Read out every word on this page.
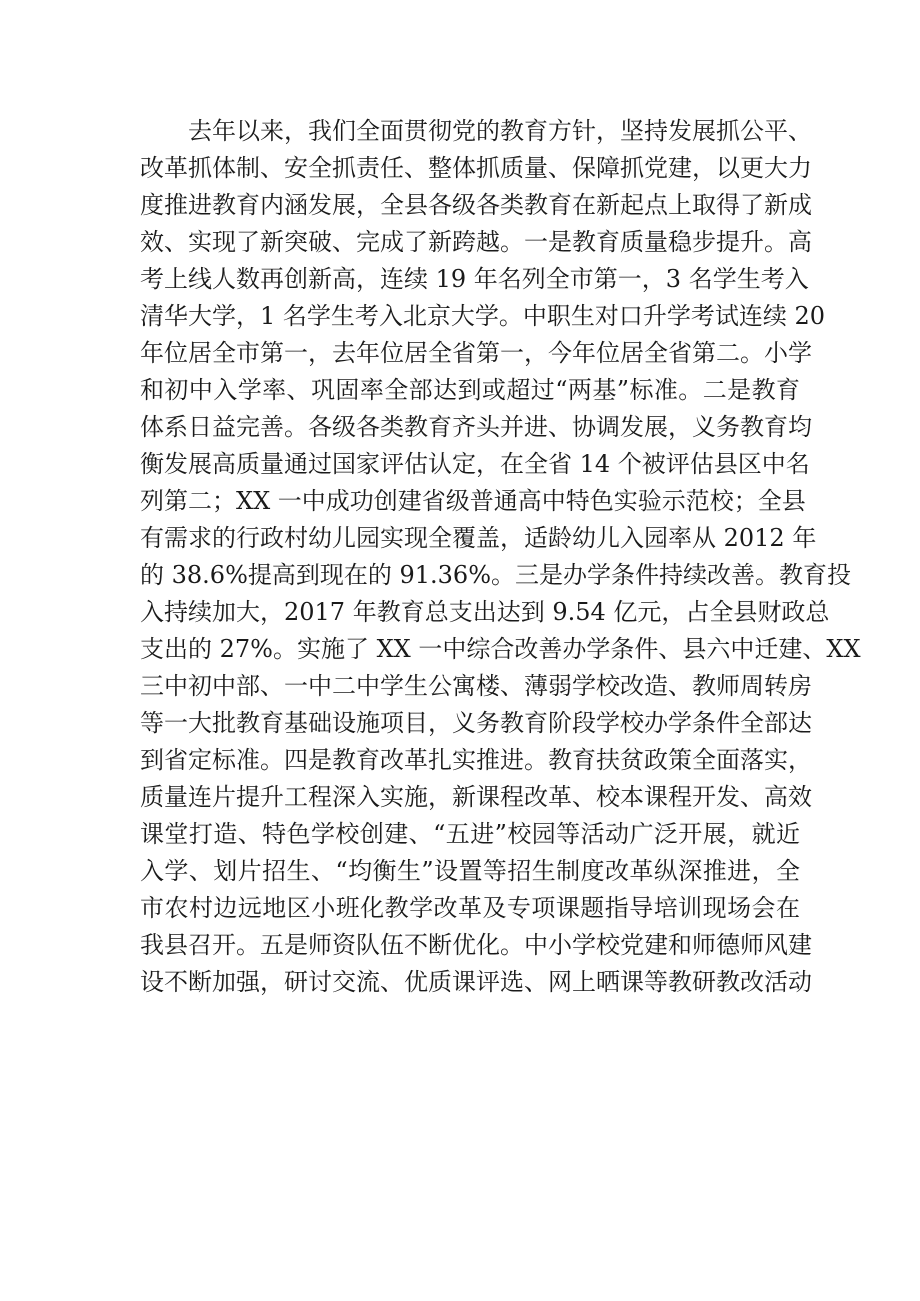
去年以来，我们全面贯彻党的教育方针，坚持发展抓公平、
改革抓体制、安全抓责任、整体抓质量、保障抓党建，以更大力
度推进教育内涵发展，全县各级各类教育在新起点上取得了新成
效、实现了新突破、完成了新跨越。一是教育质量稳步提升。高
考上线人数再创新高，连续 19 年名列全市第一，3 名学生考入
清华大学，1 名学生考入北京大学。中职生对口升学考试连续 20
年位居全市第一，去年位居全省第一，今年位居全省第二。小学
和初中入学率、巩固率全部达到或超过“两基”标准。二是教育
体系日益完善。各级各类教育齐头并进、协调发展，义务教育均
衡发展高质量通过国家评估认定，在全省 14 个被评估县区中名
列第二；XX 一中成功创建省级普通高中特色实验示范校；全县
有需求的行政村幼儿园实现全覆盖，适龄幼儿入园率从 2012 年
的 38.6%提高到现在的 91.36%。三是办学条件持续改善。教育投
入持续加大，2017 年教育总支出达到 9.54 亿元，占全县财政总
支出的 27%。实施了 XX 一中综合改善办学条件、县六中迁建、XX
三中初中部、一中二中学生公寓楼、薄弱学校改造、教师周转房
等一大批教育基础设施项目，义务教育阶段学校办学条件全部达
到省定标准。四是教育改革扎实推进。教育扶贫政策全面落实，
质量连片提升工程深入实施，新课程改革、校本课程开发、高效
课堂打造、特色学校创建、“五进”校园等活动广泛开展，就近
入学、划片招生、“均衡生”设置等招生制度改革纵深推进，全
市农村边远地区小班化教学改革及专项课题指导培训现场会在
我县召开。五是师资队伍不断优化。中小学校党建和师德师风建
设不断加强，研讨交流、优质课评选、网上晒课等教研教改活动
